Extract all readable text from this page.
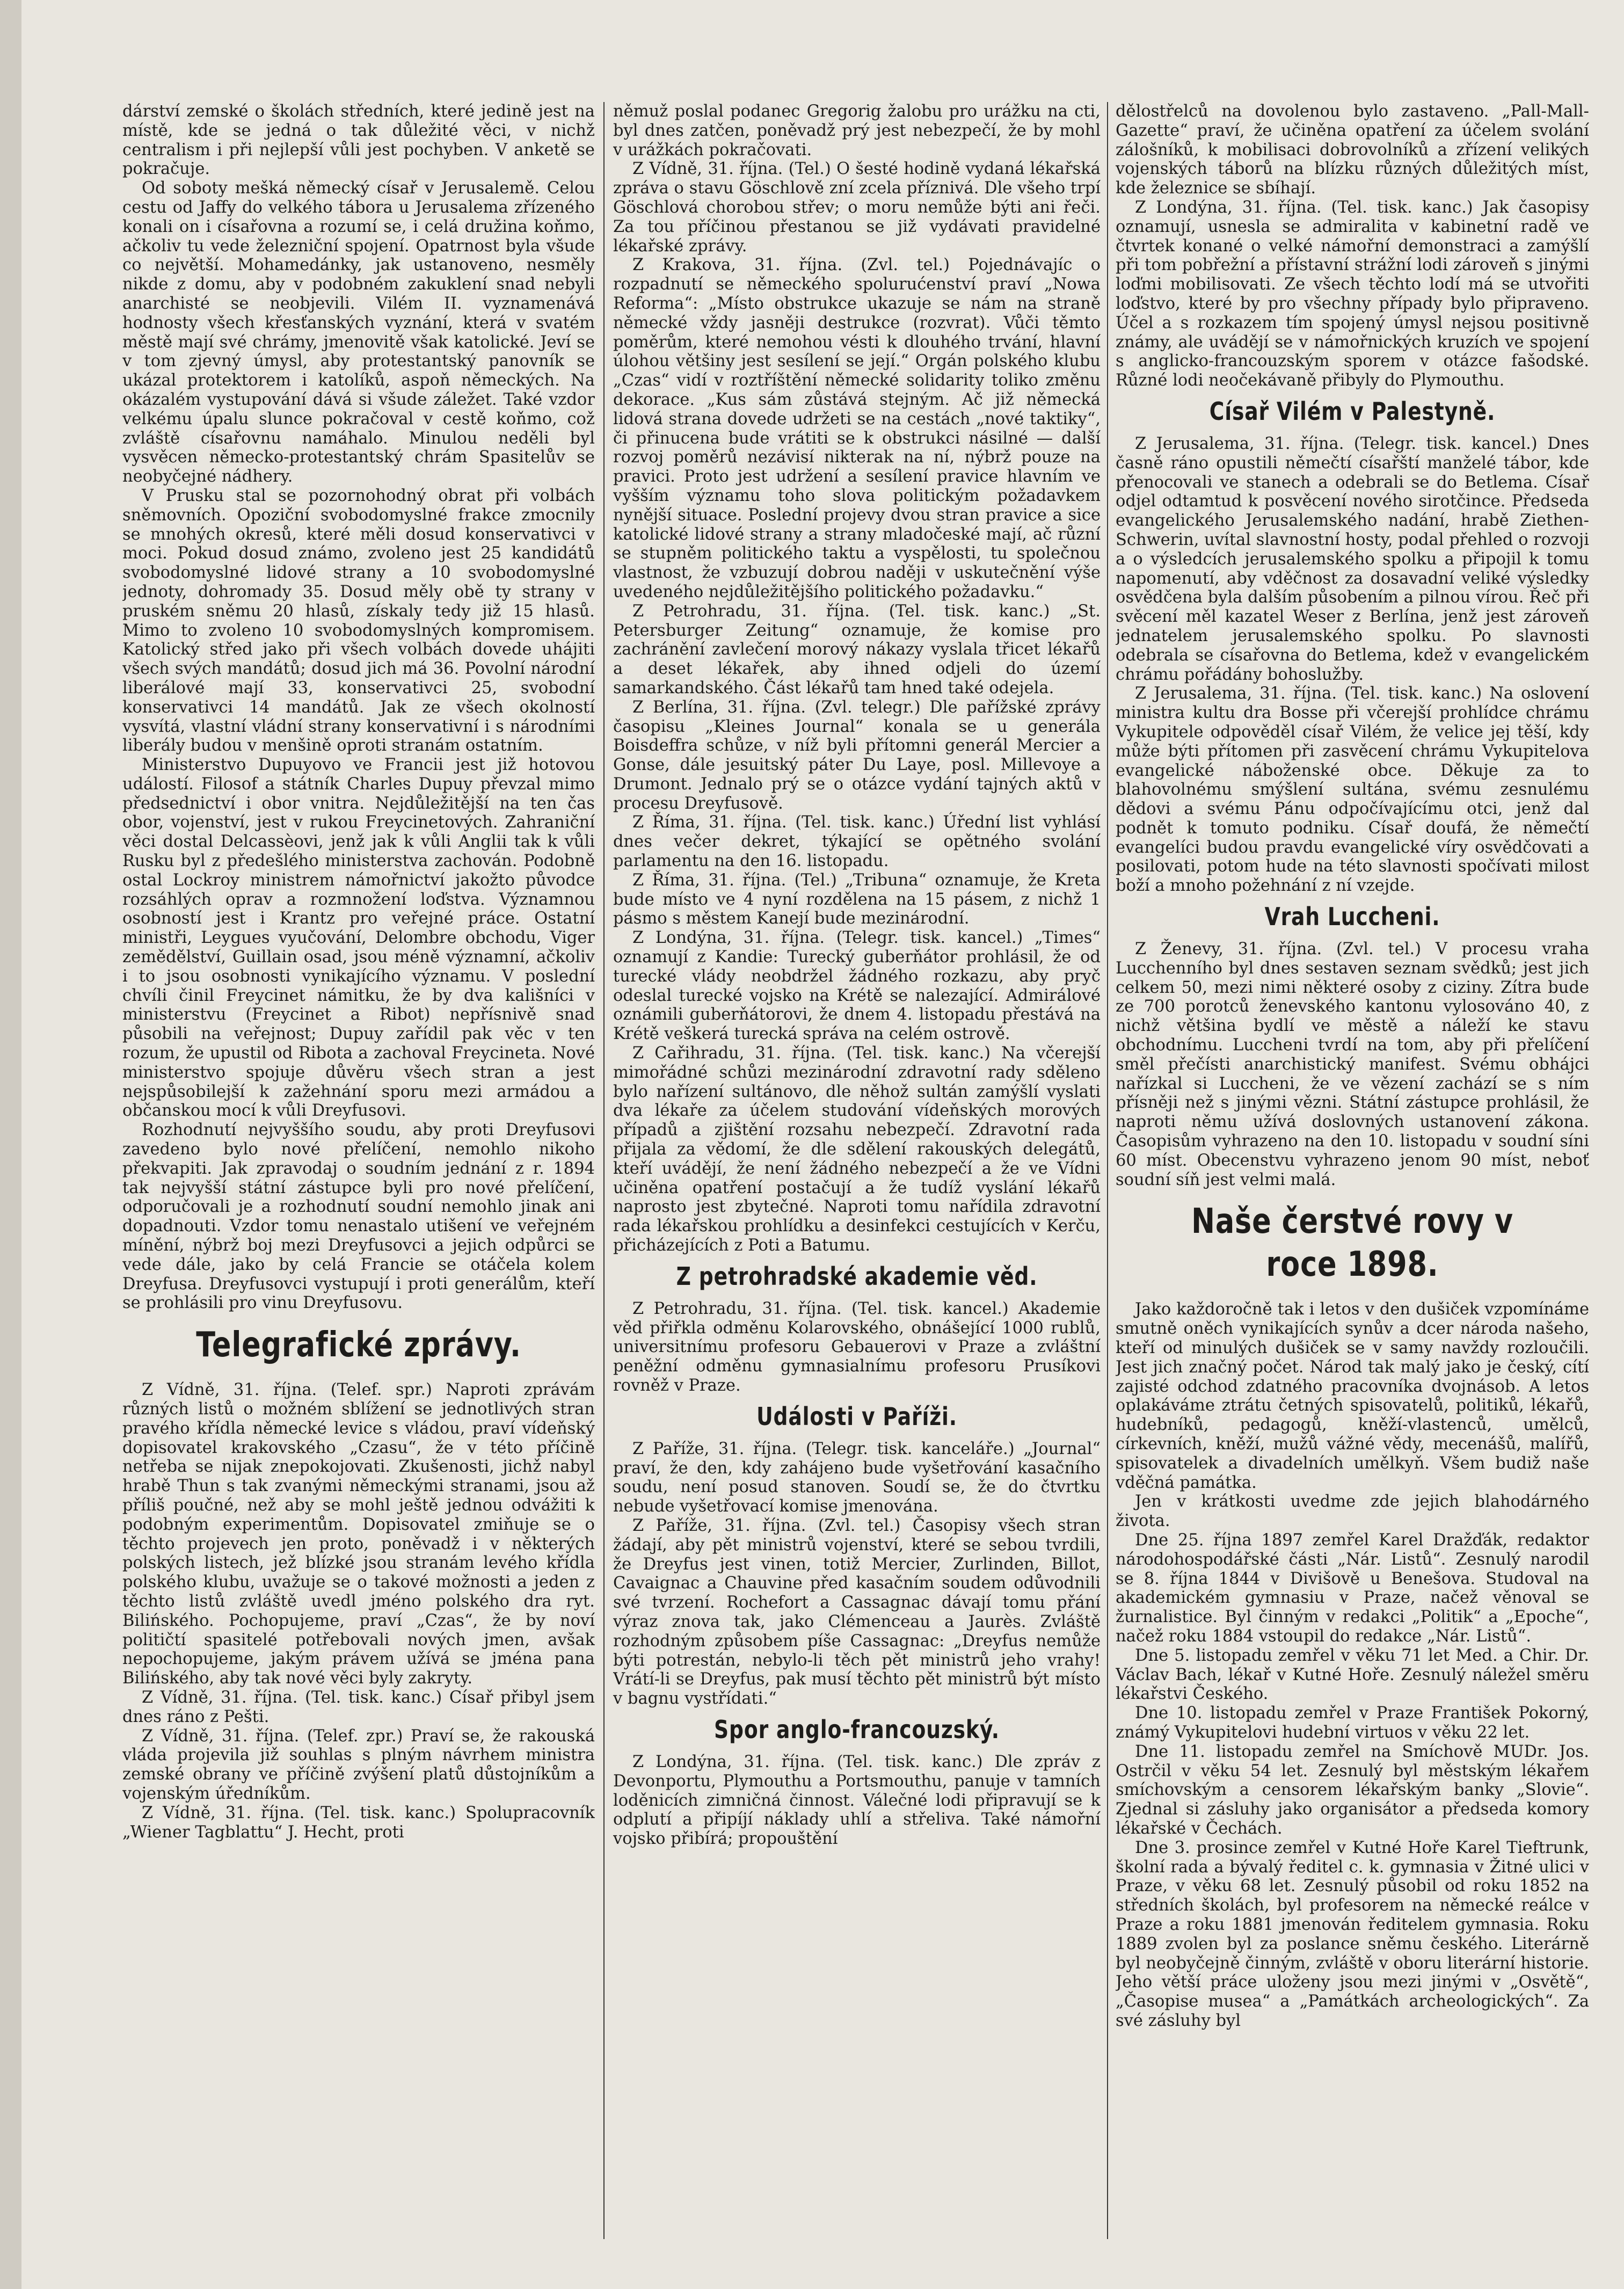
dárství zemské o školách středních, které jedině jest na místě, kde se jedná o tak důležité věci, v nichž centralism i při nejlepší vůli jest pochyben. V anketě se pokračuje.

Od soboty mešká německý císař v Jerusalemě. Celou cestu od Jaffy do velkého tábora u Jerusalema zřízeného konali on i císařovna a rozumí se, i celá družina koňmo, ačkoliv tu vede železniční spojení. Opatrnost byla všude co největší. Mohamedánky, jak ustanoveno, nesměly nikde z domu, aby v podobném zakuklení snad nebyli anarchisté se neobjevili. Vilém II. vyznamenává hodnosty všech křesťanských vyznání, která v svatém městě mají své chrámy, jmenovitě však katolické. Jeví se v tom zjevný úmysl, aby protestantský panovník se ukázal protektorem i katolíků, aspoň německých. Na okázalém vystupování dává si všude záležet. Také vzdor velkému úpalu slunce pokračoval v cestě koňmo, což zvláště císařovnu namáhalo. Minulou neděli byl vysvěcen německo-protestantský chrám Spasitelův se neobyčejné nádhery.

V Prusku stal se pozornohodný obrat při volbách sněmovních. Opoziční svobodomyslné frakce zmocnily se mnohých okresů, které měli dosud konservativci v moci. Pokud dosud známo, zvoleno jest 25 kandidátů svobodomyslné lidové strany a 10 svobodomyslné jednoty, dohromady 35. Dosud měly obě ty strany v pruském sněmu 20 hlasů, získaly tedy již 15 hlasů. Mimo to zvoleno 10 svobodomyslných kompromisem. Katolický střed jako při všech volbách dovede uhájiti všech svých mandátů; dosud jich má 36. Povolní národní liberálové mají 33, konservativci 25, svobodní konservativci 14 mandátů. Jak ze všech okolností vysvítá, vlastní vládní strany konservativní i s národními liberály budou v menšině oproti stranám ostatním.

Ministerstvo Dupuyovo ve Francii jest již hotovou událostí. Filosof a státník Charles Dupuy převzal mimo předsednictví i obor vnitra. Nejdůležitější na ten čas obor, vojenství, jest v rukou Freycinetových. Zahraniční věci dostal Delcassèovi, jenž jak k vůli Anglii tak k vůli Rusku byl z předešlého ministerstva zachován. Podobně ostal Lockroy ministrem námořnictví jakožto původce rozsáhlých oprav a rozmnožení loďstva. Významnou osobností jest i Krantz pro veřejné práce. Ostatní ministři, Leygues vyučování, Delombre obchodu, Viger zemědělství, Guillain osad, jsou méně významní, ačkoliv i to jsou osobnosti vynikajícího významu. V poslední chvíli činil Freycinet námitku, že by dva kališníci v ministerstvu (Freycinet a Ribot) nepřísnivě snad působili na veřejnost; Dupuy zařídil pak věc v ten rozum, že upustil od Ribota a zachoval Freycineta. Nové ministerstvo spojuje důvěru všech stran a jest nejspůsobilejší k zažehnání sporu mezi armádou a občanskou mocí k vůli Dreyfusovi.

Rozhodnutí nejvyššího soudu, aby proti Dreyfusovi zavedeno bylo nové přelíčení, nemohlo nikoho překvapiti. Jak zpravodaj o soudním jednání z r. 1894 tak nejvyšší státní zástupce byli pro nové přelíčení, odporučovali je a rozhodnutí soudní nemohlo jinak ani dopadnouti. Vzdor tomu nenastalo utišení ve veřejném mínění, nýbrž boj mezi Dreyfusovci a jejich odpůrci se vede dále, jako by celá Francie se otáčela kolem Dreyfusa. Dreyfusovci vystupují i proti generálům, kteří se prohlásili pro vinu Dreyfusovu.

Telegrafické zprávy.

Z Vídně, 31. října. (Telef. spr.) Naproti zprávám různých listů o možném sblížení se jednotlivých stran pravého křídla německé levice s vládou, praví vídeňský dopisovatel krakovského „Czasu“, že v této příčině netřeba se nijak znepokojovati. Zkušenosti, jichž nabyl hrabě Thun s tak zvanými německými stranami, jsou až příliš poučné, než aby se mohl ještě jednou odvážiti k podobným experimentům. Dopisovatel zmiňuje se o těchto projevech jen proto, poněvadž i v některých polských listech, jež blízké jsou stranám levého křídla polského klubu, uvažuje se o takové možnosti a jeden z těchto listů zvláště uvedl jméno polského dra ryt. Bilińského. Pochopujeme, praví „Czas“, že by noví političtí spasitelé potřebovali nových jmen, avšak nepochopujeme, jakým právem užívá se jména pana Bilińského, aby tak nové věci byly zakryty.

Z Vídně, 31. října. (Tel. tisk. kanc.) Císař přibyl jsem dnes ráno z Pešti.

Z Vídně, 31. října. (Telef. zpr.) Praví se, že rakouská vláda projevila již souhlas s plným návrhem ministra zemské obrany ve příčině zvýšení platů důstojníkům a vojenským úředníkům.

Z Vídně, 31. října. (Tel. tisk. kanc.) Spolupracovník „Wiener Tagblattu“ J. Hecht, proti

němuž poslal podanec Gregorig žalobu pro urážku na cti, byl dnes zatčen, poněvadž prý jest nebezpečí, že by mohl v urážkách pokračovati.

Z Vídně, 31. října. (Tel.) O šesté hodině vydaná lékařská zpráva o stavu Göschlově zní zcela příznivá. Dle všeho trpí Göschlová chorobou střev; o moru nemůže býti ani řeči. Za tou příčinou přestanou se již vydávati pravidelné lékařské zprávy.

Z Krakova, 31. října. (Zvl. tel.) Pojednávajíc o rozpadnutí se německého spolurućenství praví „Nowa Reforma“: „Místo obstrukce ukazuje se nám na straně německé vždy jasněji destrukce (rozvrat). Vůči těmto poměrům, které nemohou vésti k dlouhého trvání, hlavní úlohou většiny jest sesílení se její.“ Orgán polského klubu „Czas“ vidí v roztříštění německé solidarity toliko změnu dekorace. „Kus sám zůstává stejným. Ač již německá lidová strana dovede udržeti se na cestách „nové taktiky“, či přinucena bude vrátiti se k obstrukci násilné — další rozvoj poměrů nezávisí nikterak na ní, nýbrž pouze na pravici. Proto jest udržení a sesílení pravice hlavním ve vyšším významu toho slova politickým požadavkem nynější situace. Poslední projevy dvou stran pravice a sice katolické lidové strany a strany mladočeské mají, ač různí se stupněm politického taktu a vyspělosti, tu společnou vlastnost, že vzbuzují dobrou naději v uskutečnění výše uvedeného nejdůležitějšího politického požadavku.“

Z Petrohradu, 31. října. (Tel. tisk. kanc.) „St. Petersburger Zeitung“ oznamuje, že komise pro zachránění zavlečení morový nákazy vyslala třicet lékařů a deset lékařek, aby ihned odjeli do území samarkandského. Část lékařů tam hned také odejela.

Z Berlína, 31. října. (Zvl. telegr.) Dle pařížské zprávy časopisu „Kleines Journal“ konala se u generála Boisdeffra schůze, v níž byli přítomni generál Mercier a Gonse, dále jesuitský páter Du Laye, posl. Millevoye a Drumont. Jednalo prý se o otázce vydání tajných aktů v procesu Dreyfusově.

Z Říma, 31. října. (Tel. tisk. kanc.) Úřední list vyhlásí dnes večer dekret, týkající se opětného svolání parlamentu na den 16. listopadu.

Z Říma, 31. října. (Tel.) „Tribuna“ oznamuje, že Kreta bude místo ve 4 nyní rozdělena na 15 pásem, z nichž 1 pásmo s městem Kanejí bude mezinárodní.

Z Londýna, 31. října. (Telegr. tisk. kancel.) „Times“ oznamují z Kandie: Turecký guberňátor prohlásil, že od turecké vlády neobdržel žádného rozkazu, aby pryč odeslal turecké vojsko na Krétě se nalezající. Admirálové oznámili guberňátorovi, že dnem 4. listopadu přestává na Krétě veškerá turecká správa na celém ostrově.

Z Cařihradu, 31. října. (Tel. tisk. kanc.) Na včerejší mimořádné schůzi mezinárodní zdravotní rady sděleno bylo nařízení sultánovo, dle něhož sultán zamýšlí vyslati dva lékaře za účelem studování vídeňských morových případů a zjištění rozsahu nebezpečí. Zdravotní rada přijala za vědomí, že dle sdělení rakouských delegátů, kteří uvádějí, že není žádného nebezpečí a že ve Vídni učiněna opatření postačují a že tudíž vyslání lékařů naprosto jest zbytečné. Naproti tomu nařídila zdravotní rada lékařskou prohlídku a desinfekci cestujících v Kerču, přicházejících z Poti a Batumu.

Z petrohradské akademie věd.

Z Petrohradu, 31. října. (Tel. tisk. kancel.) Akademie věd přiřkla odměnu Kolarovského, obnášející 1000 rublů, universitnímu profesoru Gebauerovi v Praze a zvláštní peněžní odměnu gymnasialnímu profesoru Prusíkovi rovněž v Praze.

Události v Paříži.

Z Paříže, 31. října. (Telegr. tisk. kanceláře.) „Journal“ praví, že den, kdy zahájeno bude vyšetřování kasačního soudu, není posud stanoven. Soudí se, že do čtvrtku nebude vyšetřovací komise jmenována.

Z Paříže, 31. října. (Zvl. tel.) Časopisy všech stran žádají, aby pět ministrů vojenství, které se sebou tvrdili, že Dreyfus jest vinen, totiž Mercier, Zurlinden, Billot, Cavaignac a Chauvine před kasačním soudem odůvodnili své tvrzení. Rochefort a Cassagnac dávají tomu přání výraz znova tak, jako Clémenceau a Jaurès. Zvláště rozhodným způsobem píše Cassagnac: „Dreyfus nemůže býti potrestán, nebylo-li těch pět ministrů jeho vrahy! Vrátí-li se Dreyfus, pak musí těchto pět ministrů být místo v bagnu vystřídati.“

Spor anglo-francouzský.

Z Londýna, 31. října. (Tel. tisk. kanc.) Dle zpráv z Devonportu, Plymouthu a Portsmouthu, panuje v tamních loděnicích zimničná činnost. Válečné lodi připravují se k odplutí a připíjí náklady uhlí a střeliva. Také námořní vojsko přibírá; propouštění

dělostřelců na dovolenou bylo zastaveno. „Pall-Mall-Gazette“ praví, že učiněna opatření za účelem svolání zálošníků, k mobilisaci dobrovolníků a zřízení velikých vojenských táborů na blízku různých důležitých míst, kde železnice se sbíhají.

Z Londýna, 31. října. (Tel. tisk. kanc.) Jak časopisy oznamují, usnesla se admiralita v kabinetní radě ve čtvrtek konané o velké námořní demonstraci a zamýšlí při tom pobřežní a přístavní strážní lodi zároveň s jinými loďmi mobilisovati. Ze všech těchto lodí má se utvořiti loďstvo, které by pro všechny případy bylo připraveno. Účel a s rozkazem tím spojený úmysl nejsou positivně známy, ale uvádějí se v námořnických kruzích ve spojení s anglicko-francouzským sporem v otázce fašodské. Různé lodi neočekávaně přibyly do Plymouthu.

Císař Vilém v Palestyně.

Z Jerusalema, 31. října. (Telegr. tisk. kancel.) Dnes časně ráno opustili němečtí císařští manželé tábor, kde přenocovali ve stanech a odebrali se do Betlema. Císař odjel odtamtud k posvěcení nového sirotčince. Předseda evangelického Jerusalemského nadání, hrabě Ziethen-Schwerin, uvítal slavnostní hosty, podal přehled o rozvoji a o výsledcích jerusalemského spolku a připojil k tomu napomenutí, aby vděčnost za dosavadní veliké výsledky osvědčena byla dalším působením a pilnou vírou. Řeč při svěcení měl kazatel Weser z Berlína, jenž jest zároveň jednatelem jerusalemského spolku. Po slavnosti odebrala se císařovna do Betlema, kdež v evangelickém chrámu pořádány bohoslužby.

Z Jerusalema, 31. října. (Tel. tisk. kanc.) Na oslovení ministra kultu dra Bosse při včerejší prohlídce chrámu Vykupitele odpověděl císař Vilém, že velice jej těší, kdy může býti přítomen při zasvěcení chrámu Vykupitelova evangelické náboženské obce. Děkuje za to blahovolnému smýšlení sultána, svému zesnulému dědovi a svému Pánu odpočívajícímu otci, jenž dal podnět k tomuto podniku. Císař doufá, že němečtí evangelíci budou pravdu evangelické víry osvědčovati a posilovati, potom hude na této slavnosti spočívati milost boží a mnoho požehnání z ní vzejde.

Vrah Luccheni.

Z Ženevy, 31. října. (Zvl. tel.) V procesu vraha Lucchenního byl dnes sestaven seznam svědků; jest jich celkem 50, mezi nimi některé osoby z ciziny. Zítra bude ze 700 porotců ženevského kantonu vylosováno 40, z nichž většina bydlí ve městě a náleží ke stavu obchodnímu. Luccheni tvrdí na tom, aby při přelíčení směl přečísti anarchistický manifest. Svému obhájci nařízkal si Luccheni, že ve vězení zachází se s ním přísněji než s jinými vězni. Státní zástupce prohlásil, že naproti němu užívá doslovných ustanovení zákona. Časopisům vyhrazeno na den 10. listopadu v soudní síni 60 míst. Obecenstvu vyhrazeno jenom 90 míst, neboť soudní síň jest velmi malá.

Naše čerstvé rovy v roce 1898.

Jako každoročně tak i letos v den dušiček vzpomínáme smutně oněch vynikajících synův a dcer národa našeho, kteří od minulých dušiček se v samy navždy rozloučili. Jest jich značný počet. Národ tak malý jako je český, cítí zajisté odchod zdatného pracovníka dvojnásob. A letos oplakáváme ztrátu četných spisovatelů, politiků, lékařů, hudebníků, pedagogů, kněží-vlastenců, umělců, církevních, kněží, mužů vážné vědy, mecenášů, malířů, spisovatelek a divadelních umělkyň. Všem budiž naše vděčná památka.

Jen v krátkosti uvedme zde jejich blahodárného života.

Dne 25. října 1897 zemřel Karel Dražďák, redaktor národohospodářské části „Nár. Listů“. Zesnulý narodil se 8. října 1844 v Divišově u Benešova. Studoval na akademickém gymnasiu v Praze, načež věnoval se žurnalistice. Byl činným v redakci „Politik“ a „Epoche“, načež roku 1884 vstoupil do redakce „Nár. Listů“.

Dne 5. listopadu zemřel v věku 71 let Med. a Chir. Dr. Václav Bach, lékař v Kutné Hoře. Zesnulý náležel směru lékařstvi Českého.

Dne 10. listopadu zemřel v Praze František Pokorný, známý Vykupitelovi hudební virtuos v věku 22 let.

Dne 11. listopadu zemřel na Smíchově MUDr. Jos. Ostrčil v věku 54 let. Zesnulý byl městským lékařem smíchovským a censorem lékařským banky „Slovie“. Zjednal si zásluhy jako organisátor a předseda komory lékařské v Čechách.

Dne 3. prosince zemřel v Kutné Hoře Karel Tieftrunk, školní rada a bývalý ředitel c. k. gymnasia v Žitné ulici v Praze, v věku 68 let. Zesnulý působil od roku 1852 na středních školách, byl profesorem na německé reálce v Praze a roku 1881 jmenován ředitelem gymnasia. Roku 1889 zvolen byl za poslance sněmu českého. Literárně byl neobyčejně činným, zvláště v oboru literární historie. Jeho větší práce uloženy jsou mezi jinými v „Osvětě“, „Časopise musea“ a „Památkách archeologických“. Za své zásluhy byl
